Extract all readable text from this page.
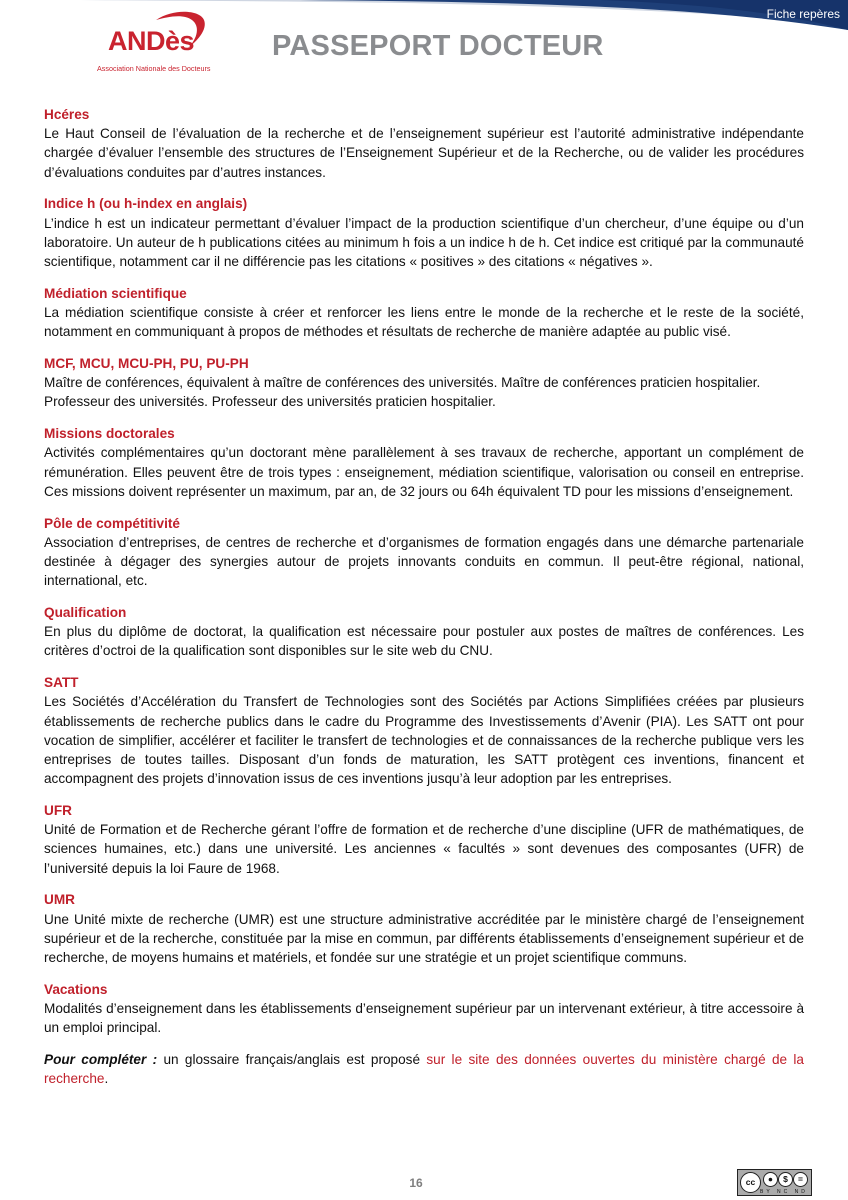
ANDès
Association Nationale des Docteurs
PASSEPORT DOCTEUR
Fiche repères
Hcéres
Le Haut Conseil de l’évaluation de la recherche et de l’enseignement supérieur est l’autorité administrative indépendante chargée d’évaluer l’ensemble des structures de l’Enseignement Supérieur et de la Recherche, ou de valider les procédures d’évaluations conduites par d’autres instances.
Indice h (ou h-index en anglais)
L’indice h est un indicateur permettant d’évaluer l’impact de la production scientifique d’un chercheur, d’une équipe ou d’un laboratoire. Un auteur de h publications citées au minimum h fois a un indice h de h. Cet indice est critiqué par la communauté scientifique, notamment car il ne différencie pas les citations « positives » des citations « négatives ».
Médiation scientifique
La médiation scientifique consiste à créer et renforcer les liens entre le monde de la recherche et le reste de la société, notamment en communiquant à propos de méthodes et résultats de recherche de manière adaptée au public visé.
MCF, MCU, MCU-PH, PU, PU-PH
Maître de conférences, équivalent à maître de conférences des universités. Maître de conférences praticien hospitalier.
Professeur des universités. Professeur des universités praticien hospitalier.
Missions doctorales
Activités complémentaires qu’un doctorant mène parallèlement à ses travaux de recherche, apportant un complément de rémunération. Elles peuvent être de trois types : enseignement, médiation scientifique, valorisation ou conseil en entreprise. Ces missions doivent représenter un maximum, par an, de 32 jours ou 64h équivalent TD pour les missions d’enseignement.
Pôle de compétitivité
Association d’entreprises, de centres de recherche et d’organismes de formation engagés dans une démarche partenariale destinée à dégager des synergies autour de projets innovants conduits en commun. Il peut-être régional, national, international, etc.
Qualification
En plus du diplôme de doctorat, la qualification est nécessaire pour postuler aux postes de maîtres de conférences. Les critères d’octroi de la qualification sont disponibles sur le site web du CNU.
SATT
Les Sociétés d’Accélération du Transfert de Technologies sont des Sociétés par Actions Simplifiées créées par plusieurs établissements de recherche publics dans le cadre du Programme des Investissements d’Avenir (PIA). Les SATT ont pour vocation de simplifier, accélérer et faciliter le transfert de technologies et de connaissances de la recherche publique vers les entreprises de toutes tailles. Disposant d’un fonds de maturation, les SATT protègent ces inventions, financent et accompagnent des projets d’innovation issus de ces inventions jusqu’à leur adoption par les entreprises.
UFR
Unité de Formation et de Recherche gérant l’offre de formation et de recherche d’une discipline (UFR de mathématiques, de sciences humaines, etc.) dans une université. Les anciennes « facultés » sont devenues des composantes (UFR) de l’université depuis la loi Faure de 1968.
UMR
Une Unité mixte de recherche (UMR) est une structure administrative accréditée par le ministère chargé de l’enseignement supérieur et de la recherche, constituée par la mise en commun, par différents établissements d’enseignement supérieur et de recherche, de moyens humains et matériels, et fondée sur une stratégie et un projet scientifique communs.
Vacations
Modalités d’enseignement dans les établissements d’enseignement supérieur par un intervenant extérieur, à titre accessoire à un emploi principal.
Pour compléter : un glossaire français/anglais est proposé sur le site des données ouvertes du ministère chargé de la recherche.
16	cc	●	$	=
BY NC ND
